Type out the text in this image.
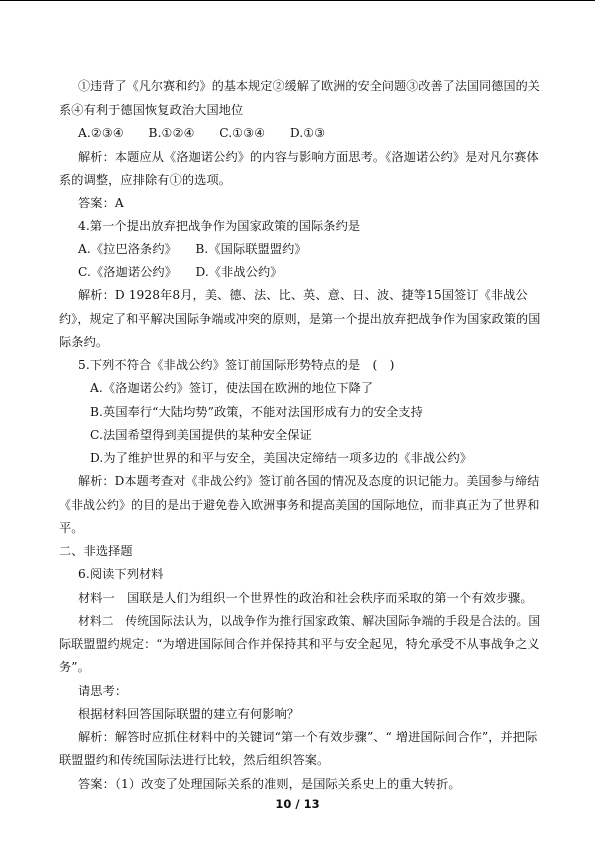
①违背了《凡尔赛和约》的基本规定②缓解了欧洲的安全问题③改善了法国同德国的关
系④有利于德国恢复政治大国地位
A.②③④　　B.①②④　　C.①③④　　D.①③
解析：本题应从《洛迦诺公约》的内容与影响方面思考。《洛迦诺公约》是对凡尔赛体
系的调整，应排除有①的选项。
答案：A
4.第一个提出放弃把战争作为国家政策的国际条约是
A.《拉巴洛条约》　　B.《国际联盟盟约》
C.《洛迦诺公约》　　D.《非战公约》
解析：D 1928年8月，美、德、法、比、英、意、日、波、捷等15国签订《非战公
约》，规定了和平解决国际争端或冲突的原则，是第一个提出放弃把战争作为国家政策的国
际条约。
5.下列不符合《非战公约》签订前国际形势特点的是　(　)
A.《洛迦诺公约》签订，使法国在欧洲的地位下降了
B.英国奉行“大陆均势”政策，不能对法国形成有力的安全支持
C.法国希望得到美国提供的某种安全保证
D.为了维护世界的和平与安全，美国决定缔结一项多边的《非战公约》
解析：D本题考查对《非战公约》签订前各国的情况及态度的识记能力。美国参与缔结
《非战公约》的目的是出于避免卷入欧洲事务和提高美国的国际地位，而非真正为了世界和
平。
二、非选择题
6.阅读下列材料
材料一　国联是人们为组织一个世界性的政治和社会秩序而采取的第一个有效步骤。
材料二　传统国际法认为，以战争作为推行国家政策、解决国际争端的手段是合法的。国
际联盟盟约规定：“为增进国际间合作并保持其和平与安全起见，特允承受不从事战争之义
务”。
请思考：
根据材料回答国际联盟的建立有何影响？
解析：解答时应抓住材料中的关键词“第一个有效步骤”、“ 增进国际间合作”，并把际
联盟盟约和传统国际法进行比较，然后组织答案。
答案：（1）改变了处理国际关系的准则，是国际关系史上的重大转折。
10 / 13
